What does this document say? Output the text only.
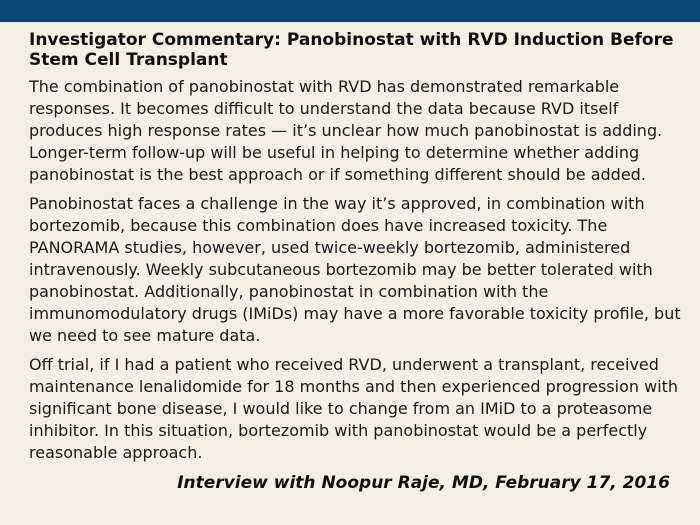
Investigator Commentary: Panobinostat with RVD Induction Before Stem Cell Transplant

The combination of panobinostat with RVD has demonstrated remarkable responses. It becomes difficult to understand the data because RVD itself produces high response rates — it’s unclear how much panobinostat is adding. Longer-term follow-up will be useful in helping to determine whether adding panobinostat is the best approach or if something different should be added.

Panobinostat faces a challenge in the way it’s approved, in combination with bortezomib, because this combination does have increased toxicity. The PANORAMA studies, however, used twice-weekly bortezomib, administered intravenously. Weekly subcutaneous bortezomib may be better tolerated with panobinostat. Additionally, panobinostat in combination with the immunomodulatory drugs (IMiDs) may have a more favorable toxicity profile, but we need to see mature data.

Off trial, if I had a patient who received RVD, underwent a transplant, received maintenance lenalidomide for 18 months and then experienced progression with significant bone disease, I would like to change from an IMiD to a proteasome inhibitor. In this situation, bortezomib with panobinostat would be a perfectly reasonable approach.

Interview with Noopur Raje, MD, February 17, 2016
